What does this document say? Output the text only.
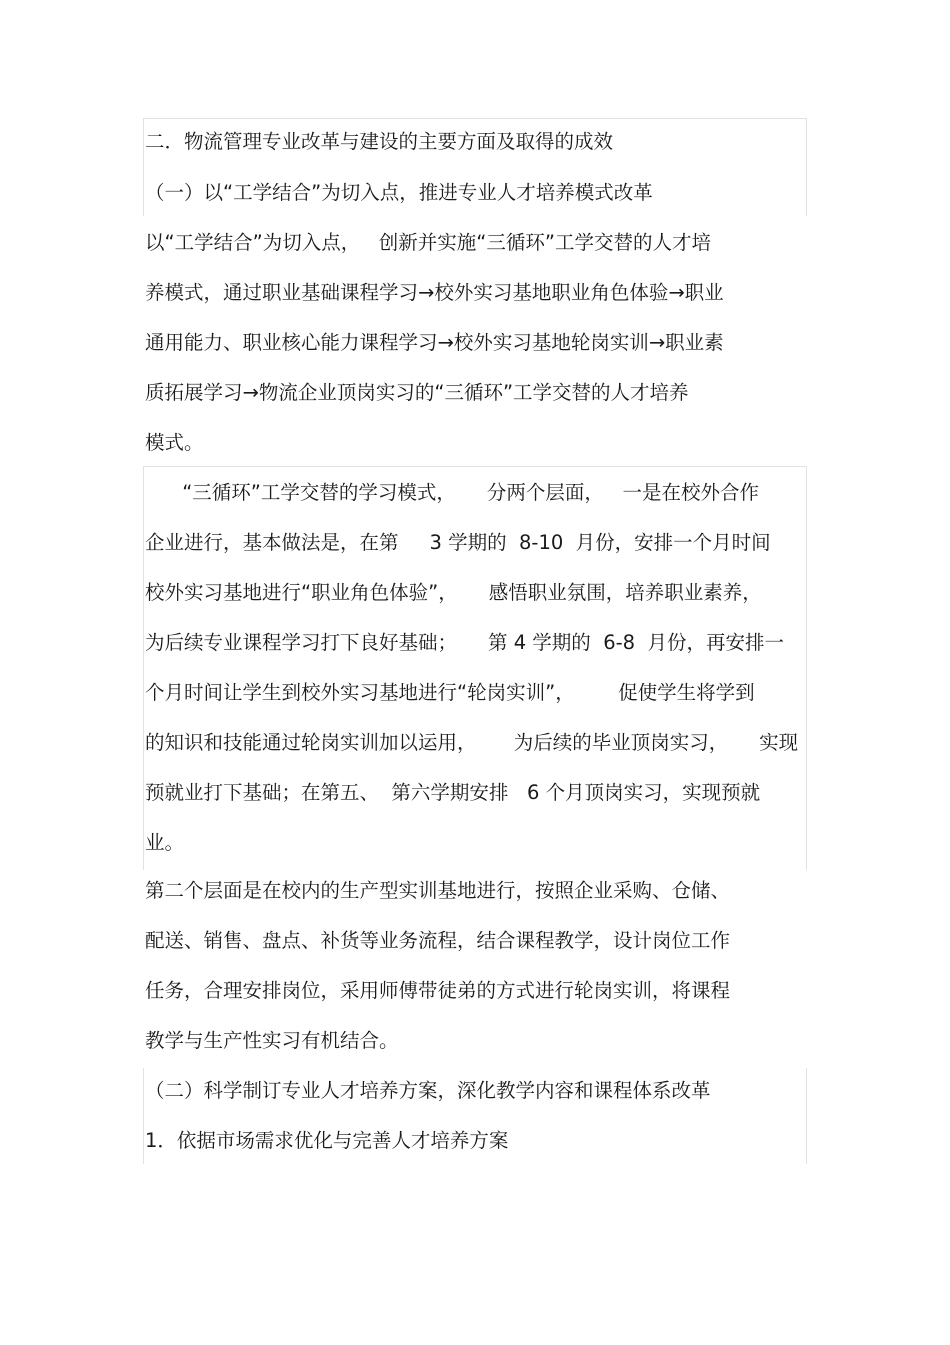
二．物流管理专业改革与建设的主要方面及取得的成效

（一）以“工学结合”为切入点，推进专业人才培养模式改革

以“工学结合”为切入点，   创新并实施“三循环”工学交替的人才培

养模式，通过职业基础课程学习→校外实习基地职业角色体验→职业

通用能力、职业核心能力课程学习→校外实习基地轮岗实训→职业素

质拓展学习→物流企业顶岗实习的“三循环”工学交替的人才培养

模式。

“三循环”工学交替的学习模式，     分两个层面，   一是在校外合作

企业进行，基本做法是，在第     3 学期的  8-10  月份，安排一个月时间

校外实习基地进行“职业角色体验”，     感悟职业氛围，培养职业素养，

为后续专业课程学习打下良好基础；     第 4 学期的  6-8  月份，再安排一

个月时间让学生到校外实习基地进行“轮岗实训”，       促使学生将学到

的知识和技能通过轮岗实训加以运用，      为后续的毕业顶岗实习，     实现

预就业打下基础；在第五、  第六学期安排   6 个月顶岗实习，实现预就

业。

第二个层面是在校内的生产型实训基地进行，按照企业采购、仓储、

配送、销售、盘点、补货等业务流程，结合课程教学，设计岗位工作

任务，合理安排岗位，采用师傅带徒弟的方式进行轮岗实训，将课程

教学与生产性实习有机结合。

（二）科学制订专业人才培养方案，深化教学内容和课程体系改革

1．依据市场需求优化与完善人才培养方案
